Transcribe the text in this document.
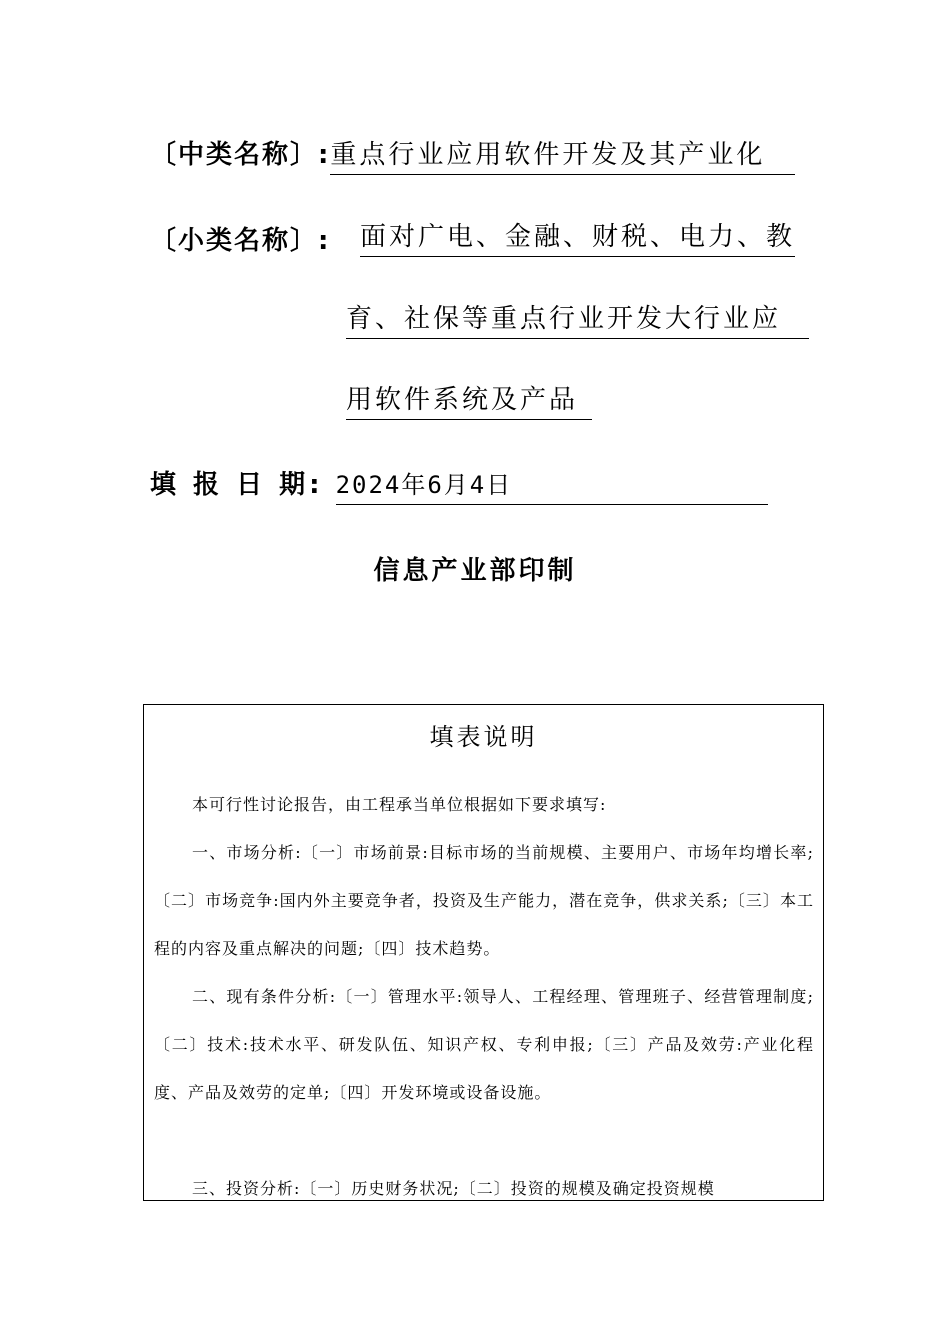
〔中类名称〕:重点行业应用软件开发及其产业化
〔小类名称〕: 面对广电、金融、财税、电力、教
育、社保等重点行业开发大行业应
用软件系统及产品
填 报 日 期: 2024年6月4日
信息产业部印制
填表说明
本可行性讨论报告，由工程承当单位根据如下要求填写:
一、市场分析:〔一〕市场前景:目标市场的当前规模、主要用户、市场年均增长率;〔二〕市场竞争:国内外主要竞争者，投资及生产能力，潜在竞争，供求关系;〔三〕本工程的内容及重点解决的问题;〔四〕技术趋势。
二、现有条件分析:〔一〕管理水平:领导人、工程经理、管理班子、经营管理制度;〔二〕技术:技术水平、研发队伍、知识产权、专利申报;〔三〕产品及效劳:产业化程度、产品及效劳的定单;〔四〕开发环境或设备设施。
三、投资分析:〔一〕历史财务状况;〔二〕投资的规模及确定投资规模
